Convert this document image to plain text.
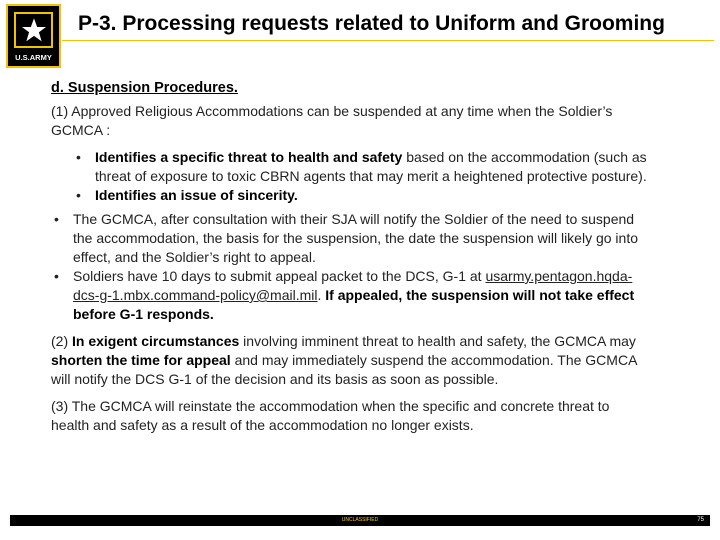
U.S.ARMY
P-3. Processing requests related to Uniform and Grooming
d. Suspension Procedures.
(1) Approved Religious Accommodations can be suspended at any time when the Soldier’s GCMCA :
• Identifies a specific threat to health and safety based on the accommodation (such as threat of exposure to toxic CBRN agents that may merit a heightened protective posture).
• Identifies an issue of sincerity.
• The GCMCA, after consultation with their SJA will notify the Soldier of the need to suspend the accommodation, the basis for the suspension, the date the suspension will likely go into effect, and the Soldier’s right to appeal.
• Soldiers have 10 days to submit appeal packet to the DCS, G-1 at usarmy.pentagon.hqda-dcs-g-1.mbx.command-policy@mail.mil. If appealed, the suspension will not take effect before G-1 responds.
(2) In exigent circumstances involving imminent threat to health and safety, the GCMCA may shorten the time for appeal and may immediately suspend the accommodation. The GCMCA will notify the DCS G-1 of the decision and its basis as soon as possible.
(3) The GCMCA will reinstate the accommodation when the specific and concrete threat to health and safety as a result of the accommodation no longer exists.
UNCLASSIFIED	75
